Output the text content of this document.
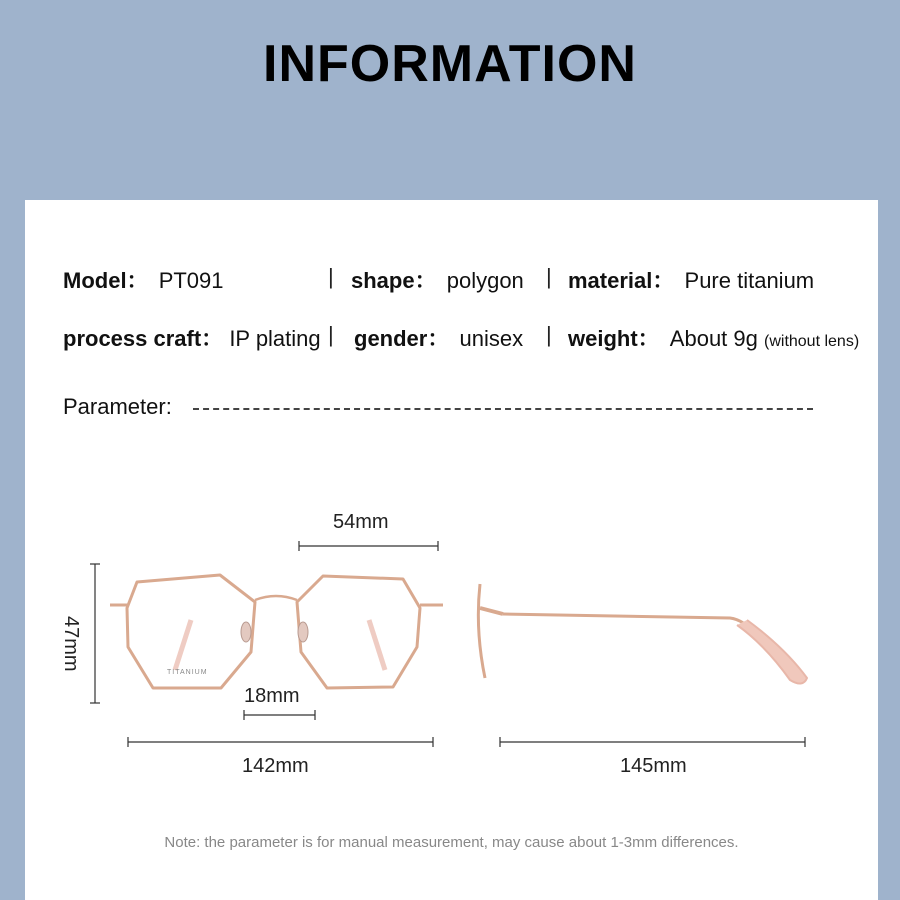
INFORMATION
Model： PT091	| shape： polygon | material： Pure titanium
process craft： IP plating | gender： unisex | weight： About 9g (without lens)
Parameter:
TITANIUM
54mm
47mm
18mm
142mm	145mm
Note: the parameter is for manual measurement, may cause about 1-3mm differences.
